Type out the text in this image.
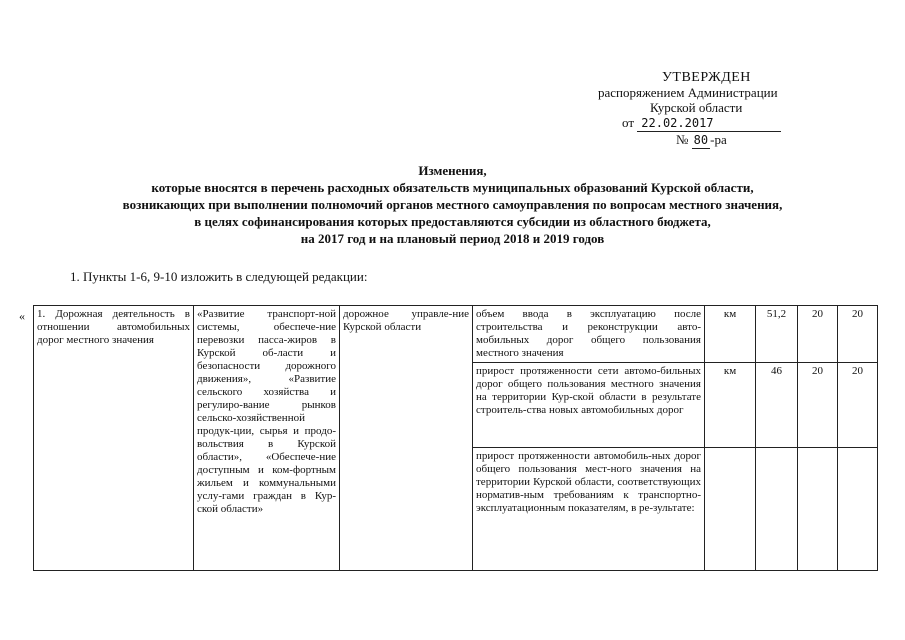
УТВЕРЖДЕН
распоряжением Администрации
Курской области
от 22.02.2017
№ 80 -ра
Изменения,
которые вносятся в перечень расходных обязательств муниципальных образований Курской области,
возникающих при выполнении полномочий органов местного самоуправления по вопросам местного значения,
в целях софинансирования которых предоставляются субсидии из областного бюджета,
на 2017 год и на плановый период 2018 и 2019 годов
1. Пункты 1-6, 9-10 изложить в следующей редакции:
« 1. Дорожная деятельность в отношении автомобильных дорог местного значения	«Развитие транспорт-ной системы, обеспече-ние перевозки пасса-жиров в Курской об-ласти и безопасности дорожного движения», «Развитие сельского хозяйства и регулиро-вание рынков сельско-хозяйственной продук-ции, сырья и продо-вольствия в Курской области», «Обеспече-ние доступным и ком-фортным жильем и коммунальными услу-гами граждан в Кур-ской области»	дорожное управле-ние Курской области	объем ввода в эксплуатацию после строительства и реконструкции авто-мобильных дорог общего пользования местного значения	км	51,2	20	20
			прирост протяженности сети автомо-бильных дорог общего пользования местного значения на территории Кур-ской области в результате строитель-ства новых автомобильных дорог	км	46	20	20
			прирост протяженности автомобиль-ных дорог общего пользования мест-ного значения на территории Курской области, соответствующих норматив-ным требованиям к транспортно-эксплуатационным показателям, в ре-зультате:				
